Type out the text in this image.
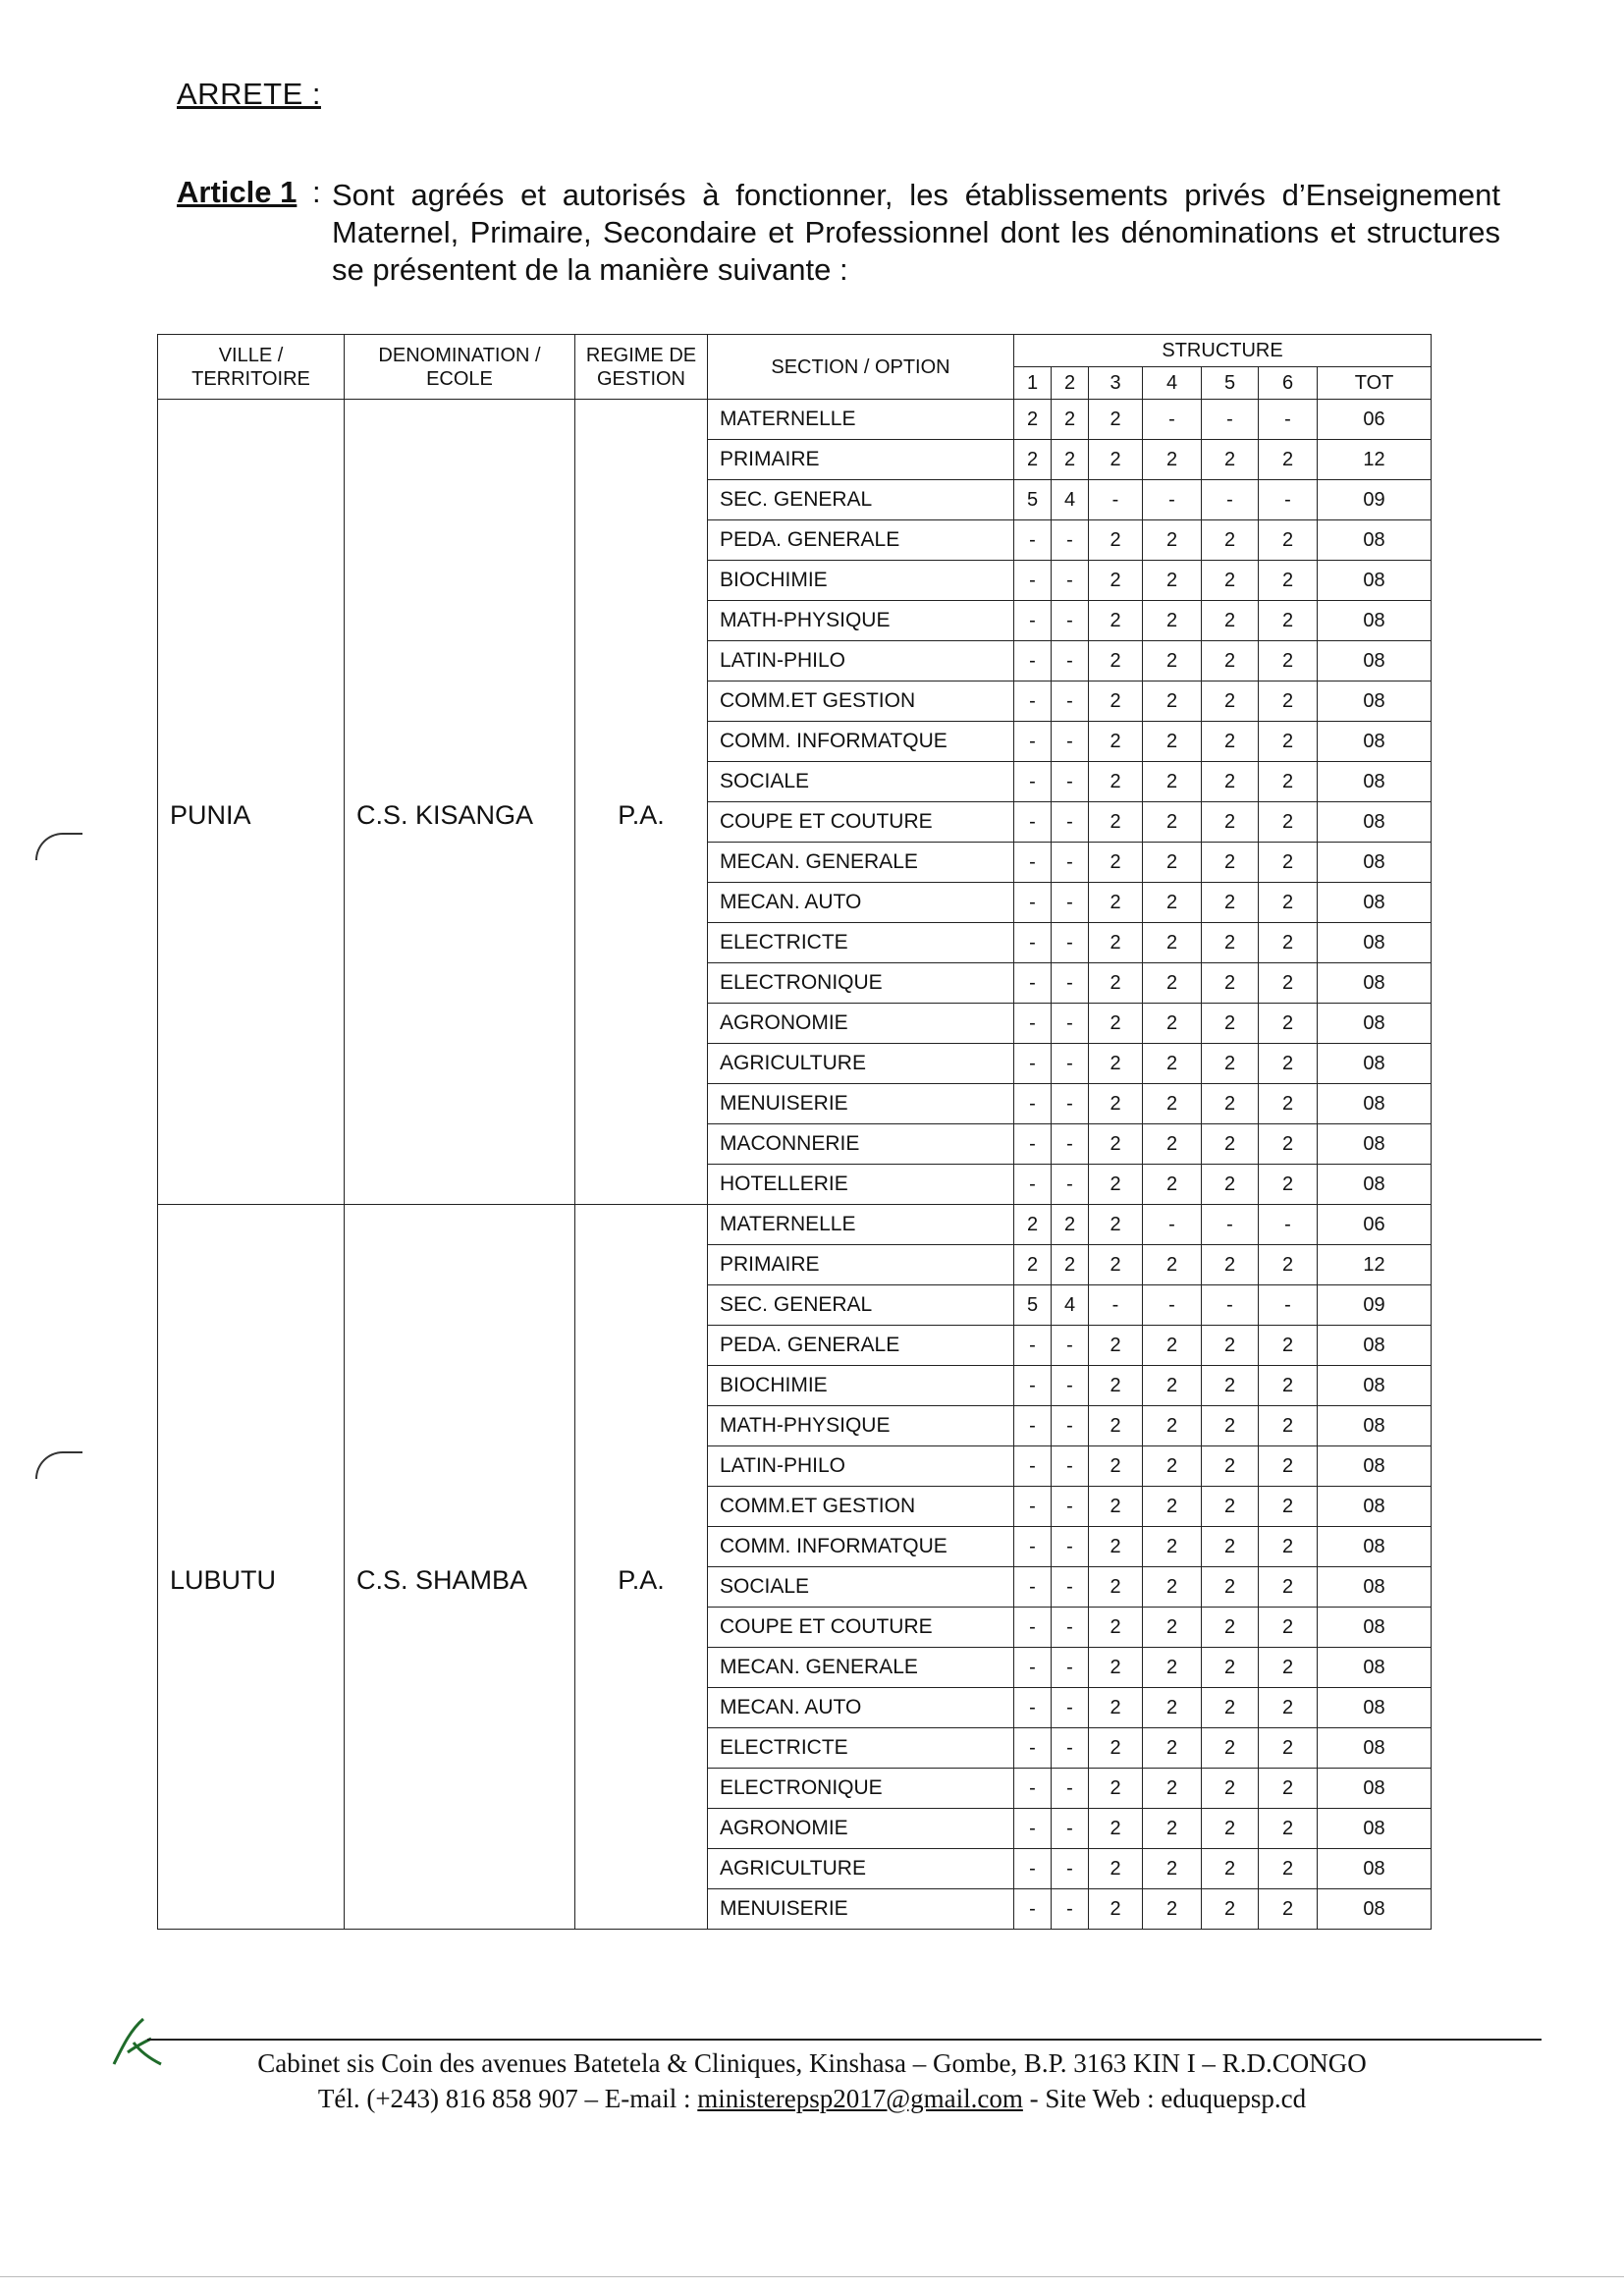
ARRETE :
Article 1 : Sont agréés et autorisés à fonctionner, les établissements privés d’Enseignement Maternel, Primaire, Secondaire et Professionnel dont les dénominations et structures se présentent de la manière suivante :
VILLE / TERRITOIRE	DENOMINATION / ECOLE	REGIME DE GESTION	SECTION / OPTION	STRUCTURE						
				1	2	3	4	5	6	TOT
PUNIA	C.S. KISANGA	P.A.	MATERNELLE	2	2	2	-	-	-	06
			PRIMAIRE	2	2	2	2	2	2	12
			SEC. GENERAL	5	4	-	-	-	-	09
			PEDA. GENERALE	-	-	2	2	2	2	08
			BIOCHIMIE	-	-	2	2	2	2	08
			MATH-PHYSIQUE	-	-	2	2	2	2	08
			LATIN-PHILO	-	-	2	2	2	2	08
			COMM.ET GESTION	-	-	2	2	2	2	08
			COMM. INFORMATQUE	-	-	2	2	2	2	08
			SOCIALE	-	-	2	2	2	2	08
			COUPE ET COUTURE	-	-	2	2	2	2	08
			MECAN. GENERALE	-	-	2	2	2	2	08
			MECAN. AUTO	-	-	2	2	2	2	08
			ELECTRICTE	-	-	2	2	2	2	08
			ELECTRONIQUE	-	-	2	2	2	2	08
			AGRONOMIE	-	-	2	2	2	2	08
			AGRICULTURE	-	-	2	2	2	2	08
			MENUISERIE	-	-	2	2	2	2	08
			MACONNERIE	-	-	2	2	2	2	08
			HOTELLERIE	-	-	2	2	2	2	08
LUBUTU	C.S. SHAMBA	P.A.	MATERNELLE	2	2	2	-	-	-	06
			PRIMAIRE	2	2	2	2	2	2	12
			SEC. GENERAL	5	4	-	-	-	-	09
			PEDA. GENERALE	-	-	2	2	2	2	08
			BIOCHIMIE	-	-	2	2	2	2	08
			MATH-PHYSIQUE	-	-	2	2	2	2	08
			LATIN-PHILO	-	-	2	2	2	2	08
			COMM.ET GESTION	-	-	2	2	2	2	08
			COMM. INFORMATQUE	-	-	2	2	2	2	08
			SOCIALE	-	-	2	2	2	2	08
			COUPE ET COUTURE	-	-	2	2	2	2	08
			MECAN. GENERALE	-	-	2	2	2	2	08
			MECAN. AUTO	-	-	2	2	2	2	08
			ELECTRICTE	-	-	2	2	2	2	08
			ELECTRONIQUE	-	-	2	2	2	2	08
			AGRONOMIE	-	-	2	2	2	2	08
			AGRICULTURE	-	-	2	2	2	2	08
			MENUISERIE	-	-	2	2	2	2	08
Cabinet sis Coin des avenues Batetela & Cliniques, Kinshasa – Gombe, B.P. 3163 KIN I – R.D.CONGO
Tél. (+243) 816 858 907 – E-mail : ministerepsp2017@gmail.com - Site Web : eduquepsp.cd
